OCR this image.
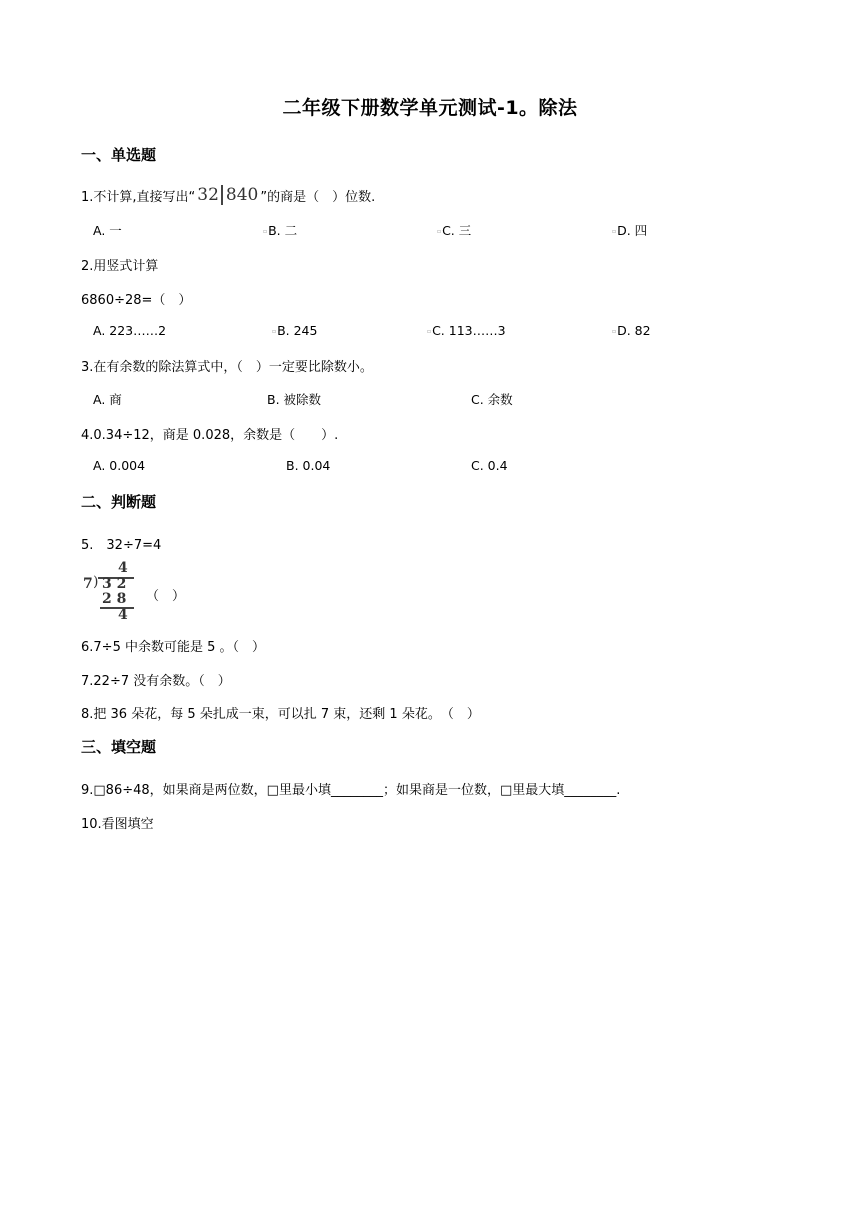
二年级下册数学单元测试-1。除法
一、单选题
1.不计算,直接写出“ 32 840 ”的商是（　）位数.
A. 一	▫B. 二	▫C. 三	▫D. 四
2.用竖式计算
6860÷28=（　）
A. 223……2	▫B. 245	▫C. 113……3	▫D. 82
3.在有余数的除法算式中，（　）一定要比除数小。
A. 商	B. 被除数	C. 余数
4.0.34÷12，商是 0.028，余数是（　　）.
A. 0.004	B. 0.04	C. 0.4
二、判断题
5.　32÷7=4
4
7 ) 3 2
2 8
4
（　）
6.7÷5 中余数可能是 5 。（　）
7.22÷7 没有余数。（　）
8.把 36 朵花，每 5 朵扎成一束，可以扎 7 束，还剩 1 朵花。　（　）
三、填空题
9.□86÷48，如果商是两位数，□里最小填________；如果商是一位数，□里最大填________.
10.看图填空
